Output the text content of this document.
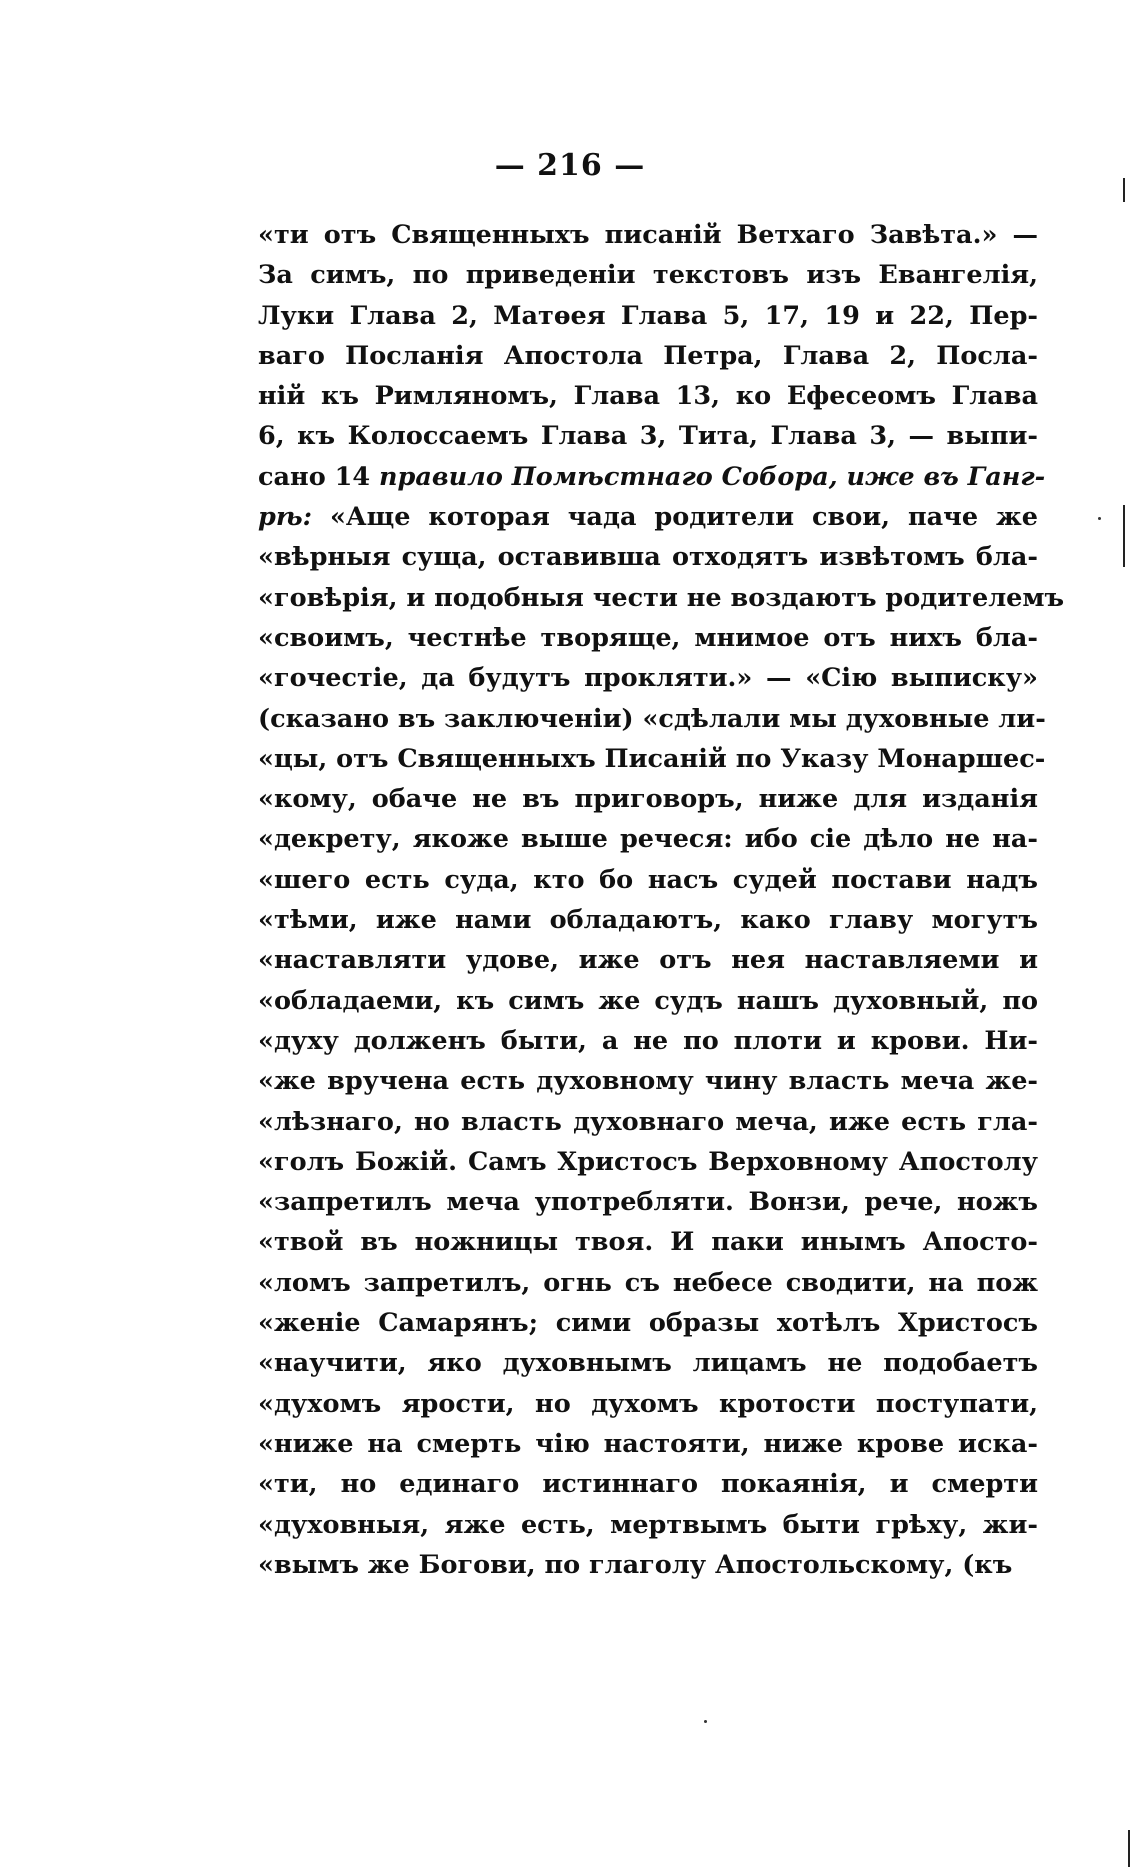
— 216 —
«ти отъ Священныхъ писаній Ветхаго Завѣта.» —
За симъ, по приведеніи текстовъ изъ Евангелія,
Луки Глава 2, Матѳея Глава 5, 17, 19 и 22, Пер-
ваго Посланія Апостола Петра, Глава 2, Посла-
ній къ Римляномъ, Глава 13, ко Ефесеомъ Глава
6, къ Колоссаемъ Глава 3, Тита, Глава 3, — выпи-
сано 14 правило Помѣстнаго Собора, иже въ Ганг-
рѣ: «Аще которая чада родители свои, паче же
«вѣрныя суща, оставивша отходятъ извѣтомъ бла-
«говѣрія, и подобныя чести не воздаютъ родителемъ
«своимъ, честнѣе творяще, мнимое отъ нихъ бла-
«гочестіе, да будутъ прокляти.» — «Сію выписку»
(сказано въ заключеніи) «сдѣлали мы духовные ли-
«цы, отъ Священныхъ Писаній по Указу Монаршес-
«кому, обаче не въ приговоръ, ниже для изданія
«декрету, якоже выше речеся: ибо сіе дѣло не на-
«шего есть суда, кто бо насъ судей постави надъ
«тѣми, иже нами обладаютъ, како главу могутъ
«наставляти удове, иже отъ нея наставляеми и
«обладаеми, къ симъ же судъ нашъ духовный, по
«духу долженъ быти, а не по плоти и крови. Ни-
«же вручена есть духовному чину власть меча же-
«лѣзнаго, но власть духовнаго меча, иже есть гла-
«голъ Божій. Самъ Христосъ Верховному Апостолу
«запретилъ меча употребляти. Вонзи, рече, ножъ
«твой въ ножницы твоя. И паки инымъ Апосто-
«ломъ запретилъ, огнь съ небесе сводити, на пож
«женіе Самарянъ; сими образы хотѣлъ Христосъ
«научити, яко духовнымъ лицамъ не подобаетъ
«духомъ ярости, но духомъ кротости поступати,
«ниже на смерть чію настояти, ниже крове иска-
«ти, но единаго истиннаго покаянія, и смерти
«духовныя, яже есть, мертвымъ быти грѣху, жи-
«вымъ же Богови, по глаголу Апостольскому, (къ
